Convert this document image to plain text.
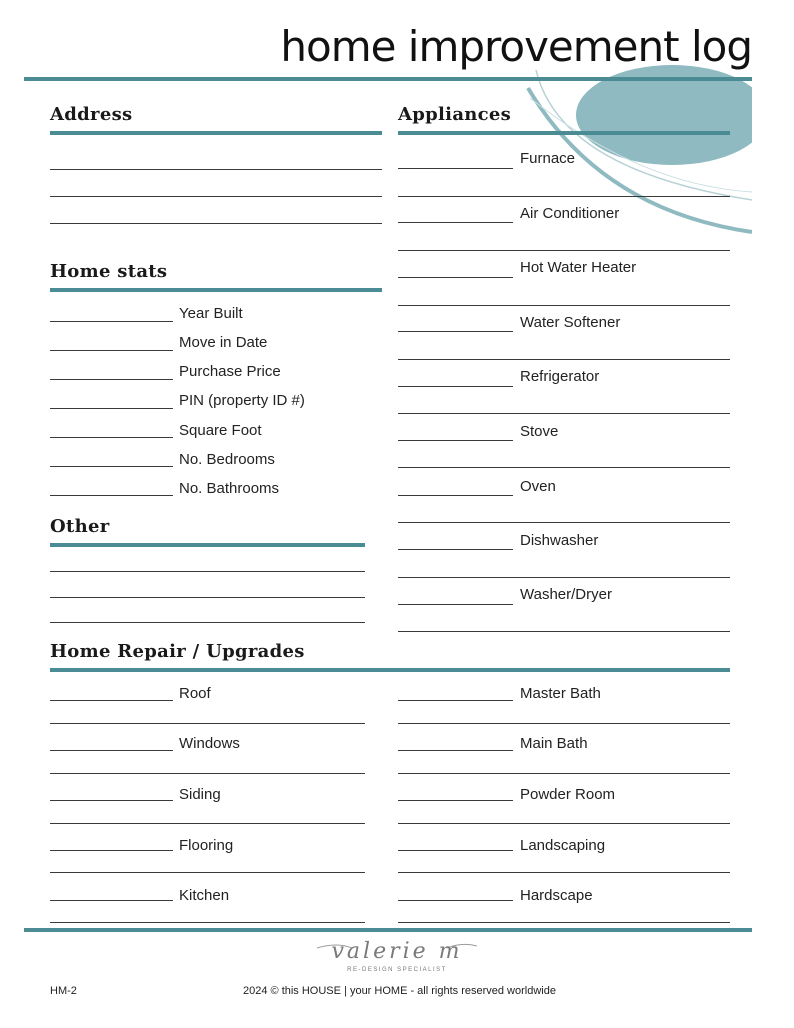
home improvement log
Address
Home stats
Year Built
Move in Date
Purchase Price
PIN (property ID #)
Square Foot
No. Bedrooms
No. Bathrooms
Other
Appliances
Furnace
Air Conditioner
Hot Water Heater
Water Softener
Refrigerator
Stove
Oven
Dishwasher
Washer/Dryer
Home Repair / Upgrades
Roof
Windows
Siding
Flooring
Kitchen
Master Bath
Main Bath
Powder Room
Landscaping
Hardscape
valerie m
RE-DESIGN SPECIALIST
HM-2	2024 © this HOUSE | your HOME - all rights reserved worldwide
